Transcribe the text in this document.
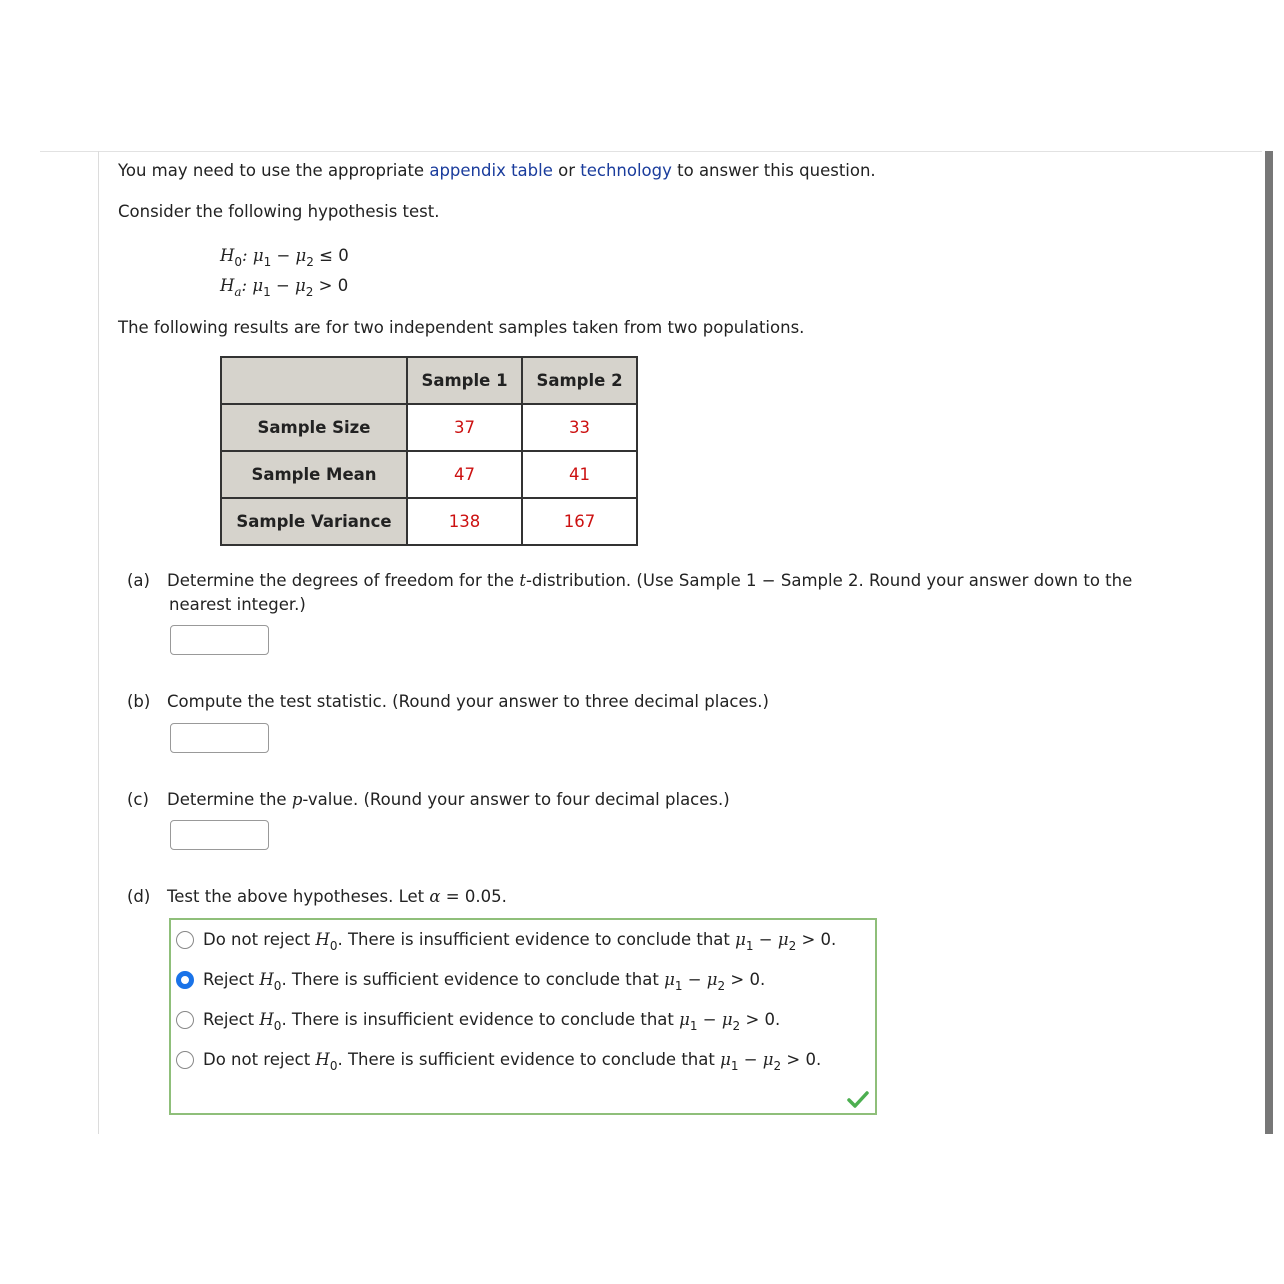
You may need to use the appropriate appendix table or technology to answer this question.
Consider the following hypothesis test.
$H_0$: $\mu_1 - \mu_2 \le 0$
$H_a$: $\mu_1 - \mu_2 > 0$
The following results are for two independent samples taken from two populations.
	Sample 1	Sample 2
Sample Size	37	33
Sample Mean	47	41
Sample Variance	138	167
(a) Determine the degrees of freedom for the t-distribution. (Use Sample 1 − Sample 2. Round your answer down to the
nearest integer.)
(b) Compute the test statistic. (Round your answer to three decimal places.)
(c) Determine the p-value. (Round your answer to four decimal places.)
(d) Test the above hypotheses. Let α = 0.05.
Do not reject $H_0$. There is insufficient evidence to conclude that $\mu_1 - \mu_2 > 0$.
Reject $H_0$. There is sufficient evidence to conclude that $\mu_1 - \mu_2 > 0$.
Reject $H_0$. There is insufficient evidence to conclude that $\mu_1 - \mu_2 > 0$.
Do not reject $H_0$. There is sufficient evidence to conclude that $\mu_1 - \mu_2 > 0$.
